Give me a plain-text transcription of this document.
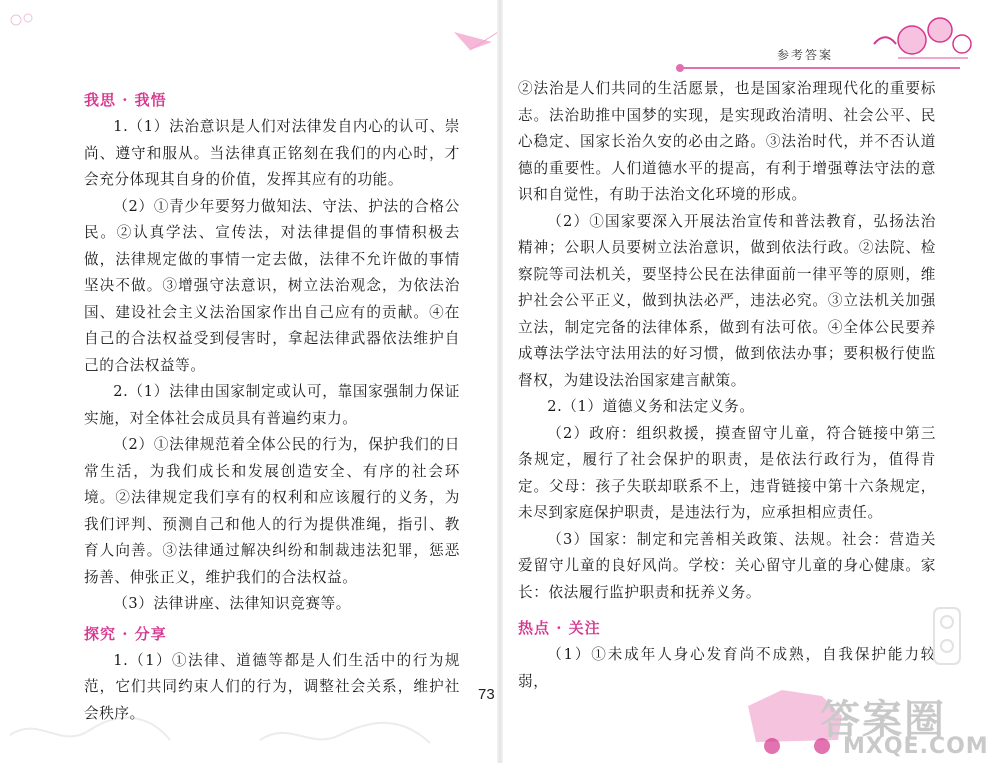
我思 · 我悟

1.（1）法治意识是人们对法律发自内心的认可、崇尚、遵守和服从。当法律真正铭刻在我们的内心时，才会充分体现其自身的价值，发挥其应有的功能。

（2）①青少年要努力做知法、守法、护法的合格公民。②认真学法、宣传法，对法律提倡的事情积极去做，法律规定做的事情一定去做，法律不允许做的事情坚决不做。③增强守法意识，树立法治观念，为依法治国、建设社会主义法治国家作出自己应有的贡献。④在自己的合法权益受到侵害时，拿起法律武器依法维护自己的合法权益等。

2.（1）法律由国家制定或认可，靠国家强制力保证实施，对全体社会成员具有普遍约束力。

（2）①法律规范着全体公民的行为，保护我们的日常生活，为我们成长和发展创造安全、有序的社会环境。②法律规定我们享有的权利和应该履行的义务，为我们评判、预测自己和他人的行为提供准绳，指引、教育人向善。③法律通过解决纠纷和制裁违法犯罪，惩恶扬善、伸张正义，维护我们的合法权益。

（3）法律讲座、法律知识竞赛等。

探究 · 分享

1.（1）①法律、道德等都是人们生活中的行为规范，它们共同约束人们的行为，调整社会关系，维护社会秩序。

参考答案

②法治是人们共同的生活愿景，也是国家治理现代化的重要标志。法治助推中国梦的实现，是实现政治清明、社会公平、民心稳定、国家长治久安的必由之路。③法治时代，并不否认道德的重要性。人们道德水平的提高，有利于增强尊法守法的意识和自觉性，有助于法治文化环境的形成。

（2）①国家要深入开展法治宣传和普法教育，弘扬法治精神；公职人员要树立法治意识，做到依法行政。②法院、检察院等司法机关，要坚持公民在法律面前一律平等的原则，维护社会公平正义，做到执法必严，违法必究。③立法机关加强立法，制定完备的法律体系，做到有法可依。④全体公民要养成尊法学法守法用法的好习惯，做到依法办事；要积极行使监督权，为建设法治国家建言献策。

2.（1）道德义务和法定义务。

（2）政府：组织救援，摸查留守儿童，符合链接中第三条规定，履行了社会保护的职责，是依法行政行为，值得肯定。父母：孩子失联却联系不上，违背链接中第十六条规定，未尽到家庭保护职责，是违法行为，应承担相应责任。

（3）国家：制定和完善相关政策、法规。社会：营造关爱留守儿童的良好风尚。学校：关心留守儿童的身心健康。家长：依法履行监护职责和抚养义务。

热点 · 关注

（1）①未成年人身心发育尚不成熟，自我保护能力较弱，

73
答案圈
MXQE.COM
